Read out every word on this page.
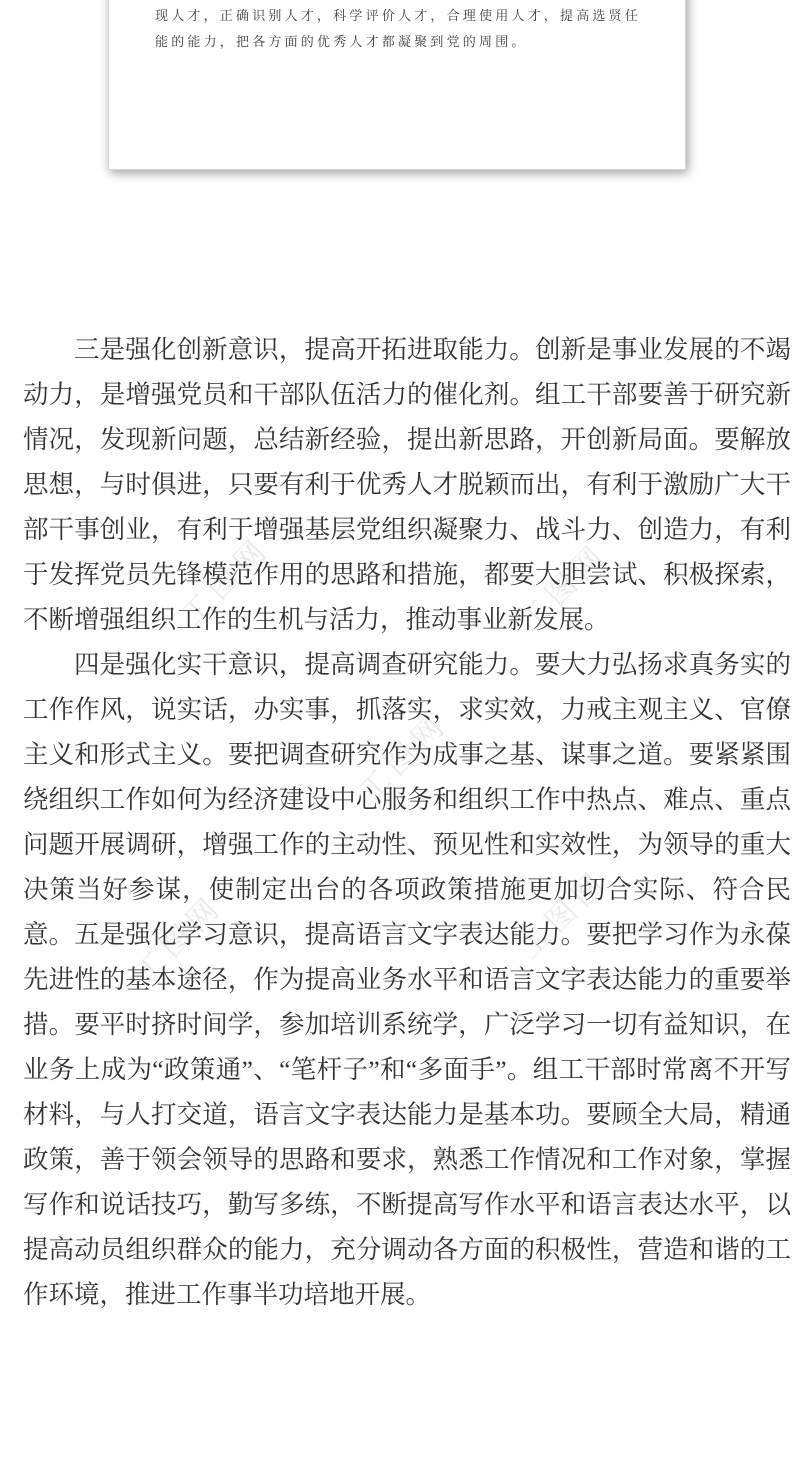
现人才，正确识别人才，科学评价人才，合理使用人才，提高选贤任

能的能力，把各方面的优秀人才都凝聚到党的周围。

工图网	工图网
工图网
工图网	工图网

三是强化创新意识，提高开拓进取能力。创新是事业发展的不竭动力，是增强党员和干部队伍活力的催化剂。组工干部要善于研究新情况，发现新问题，总结新经验，提出新思路，开创新局面。要解放思想，与时俱进，只要有利于优秀人才脱颖而出，有利于激励广大干部干事创业，有利于增强基层党组织凝聚力、战斗力、创造力，有利于发挥党员先锋模范作用的思路和措施，都要大胆尝试、积极探索，不断增强组织工作的生机与活力，推动事业新发展。

四是强化实干意识，提高调查研究能力。要大力弘扬求真务实的工作作风，说实话，办实事，抓落实，求实效，力戒主观主义、官僚主义和形式主义。要把调查研究作为成事之基、谋事之道。要紧紧围绕组织工作如何为经济建设中心服务和组织工作中热点、难点、重点问题开展调研，增强工作的主动性、预见性和实效性，为领导的重大决策当好参谋，使制定出台的各项政策措施更加切合实际、符合民意。五是强化学习意识，提高语言文字表达能力。要把学习作为永葆先进性的基本途径，作为提高业务水平和语言文字表达能力的重要举措。要平时挤时间学，参加培训系统学，广泛学习一切有益知识，在业务上成为“政策通”、“笔杆子”和“多面手”。组工干部时常离不开写材料，与人打交道，语言文字表达能力是基本功。要顾全大局，精通政策，善于领会领导的思路和要求，熟悉工作情况和工作对象，掌握写作和说话技巧，勤写多练，不断提高写作水平和语言表达水平，以提高动员组织群众的能力，充分调动各方面的积极性，营造和谐的工作环境，推进工作事半功培地开展。
